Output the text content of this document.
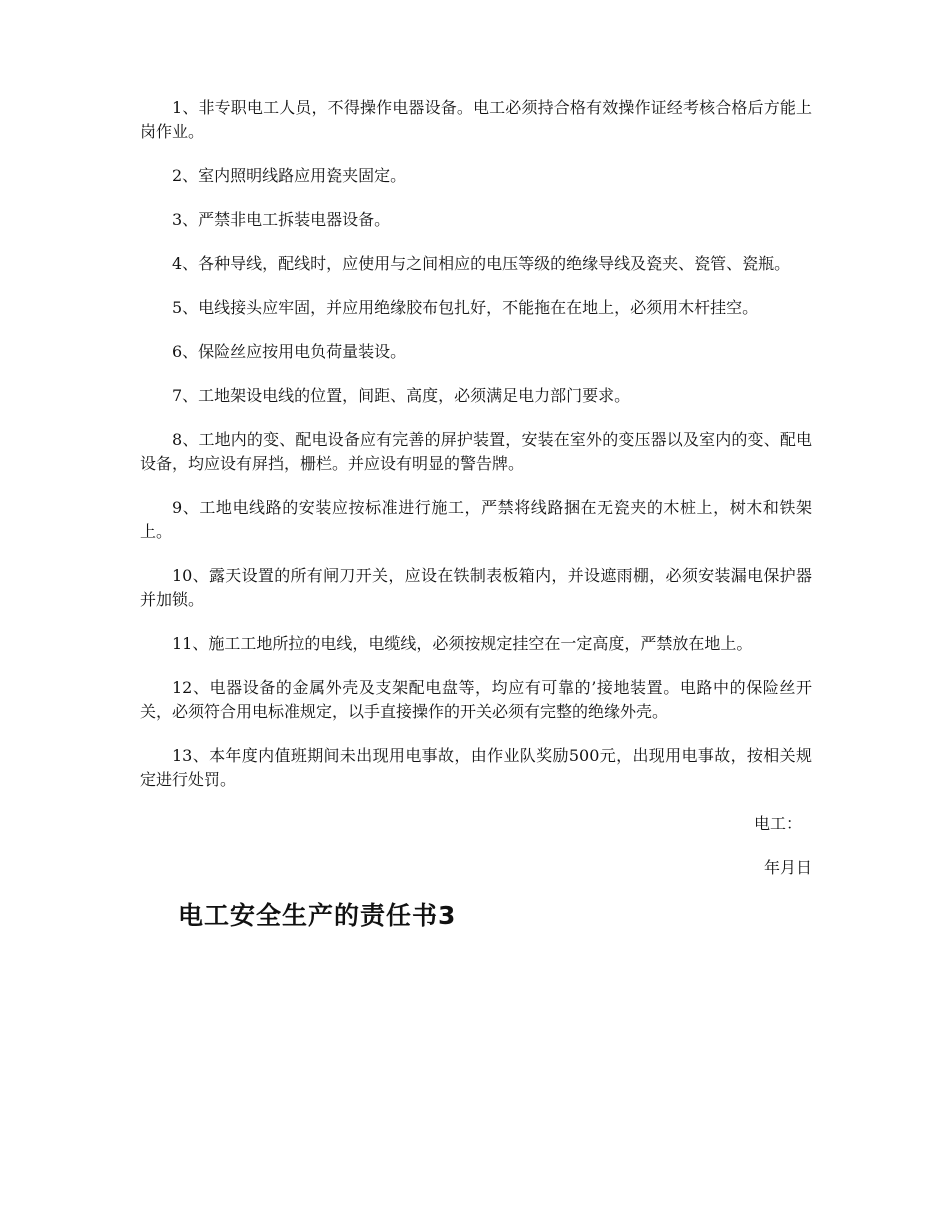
1、非专职电工人员，不得操作电器设备。电工必须持合格有效操作证经考核合格后方能上岗作业。

2、室内照明线路应用瓷夹固定。

3、严禁非电工拆装电器设备。

4、各种导线，配线时，应使用与之间相应的电压等级的绝缘导线及瓷夹、瓷管、瓷瓶。

5、电线接头应牢固，并应用绝缘胶布包扎好，不能拖在在地上，必须用木杆挂空。

6、保险丝应按用电负荷量装设。

7、工地架设电线的位置，间距、高度，必须满足电力部门要求。

8、工地内的变、配电设备应有完善的屏护装置，安装在室外的变压器以及室内的变、配电设备，均应设有屏挡，栅栏。并应设有明显的警告牌。

9、工地电线路的安装应按标准进行施工，严禁将线路捆在无瓷夹的木桩上，树木和铁架上。

10、露天设置的所有闸刀开关，应设在铁制表板箱内，并设遮雨棚，必须安装漏电保护器并加锁。

11、施工工地所拉的电线，电缆线，必须按规定挂空在一定高度，严禁放在地上。

12、电器设备的金属外壳及支架配电盘等，均应有可靠的’接地装置。电路中的保险丝开关，必须符合用电标准规定，以手直接操作的开关必须有完整的绝缘外壳。

13、本年度内值班期间未出现用电事故，由作业队奖励500元，出现用电事故，按相关规定进行处罚。

电工：

年月日

电工安全生产的责任书3
